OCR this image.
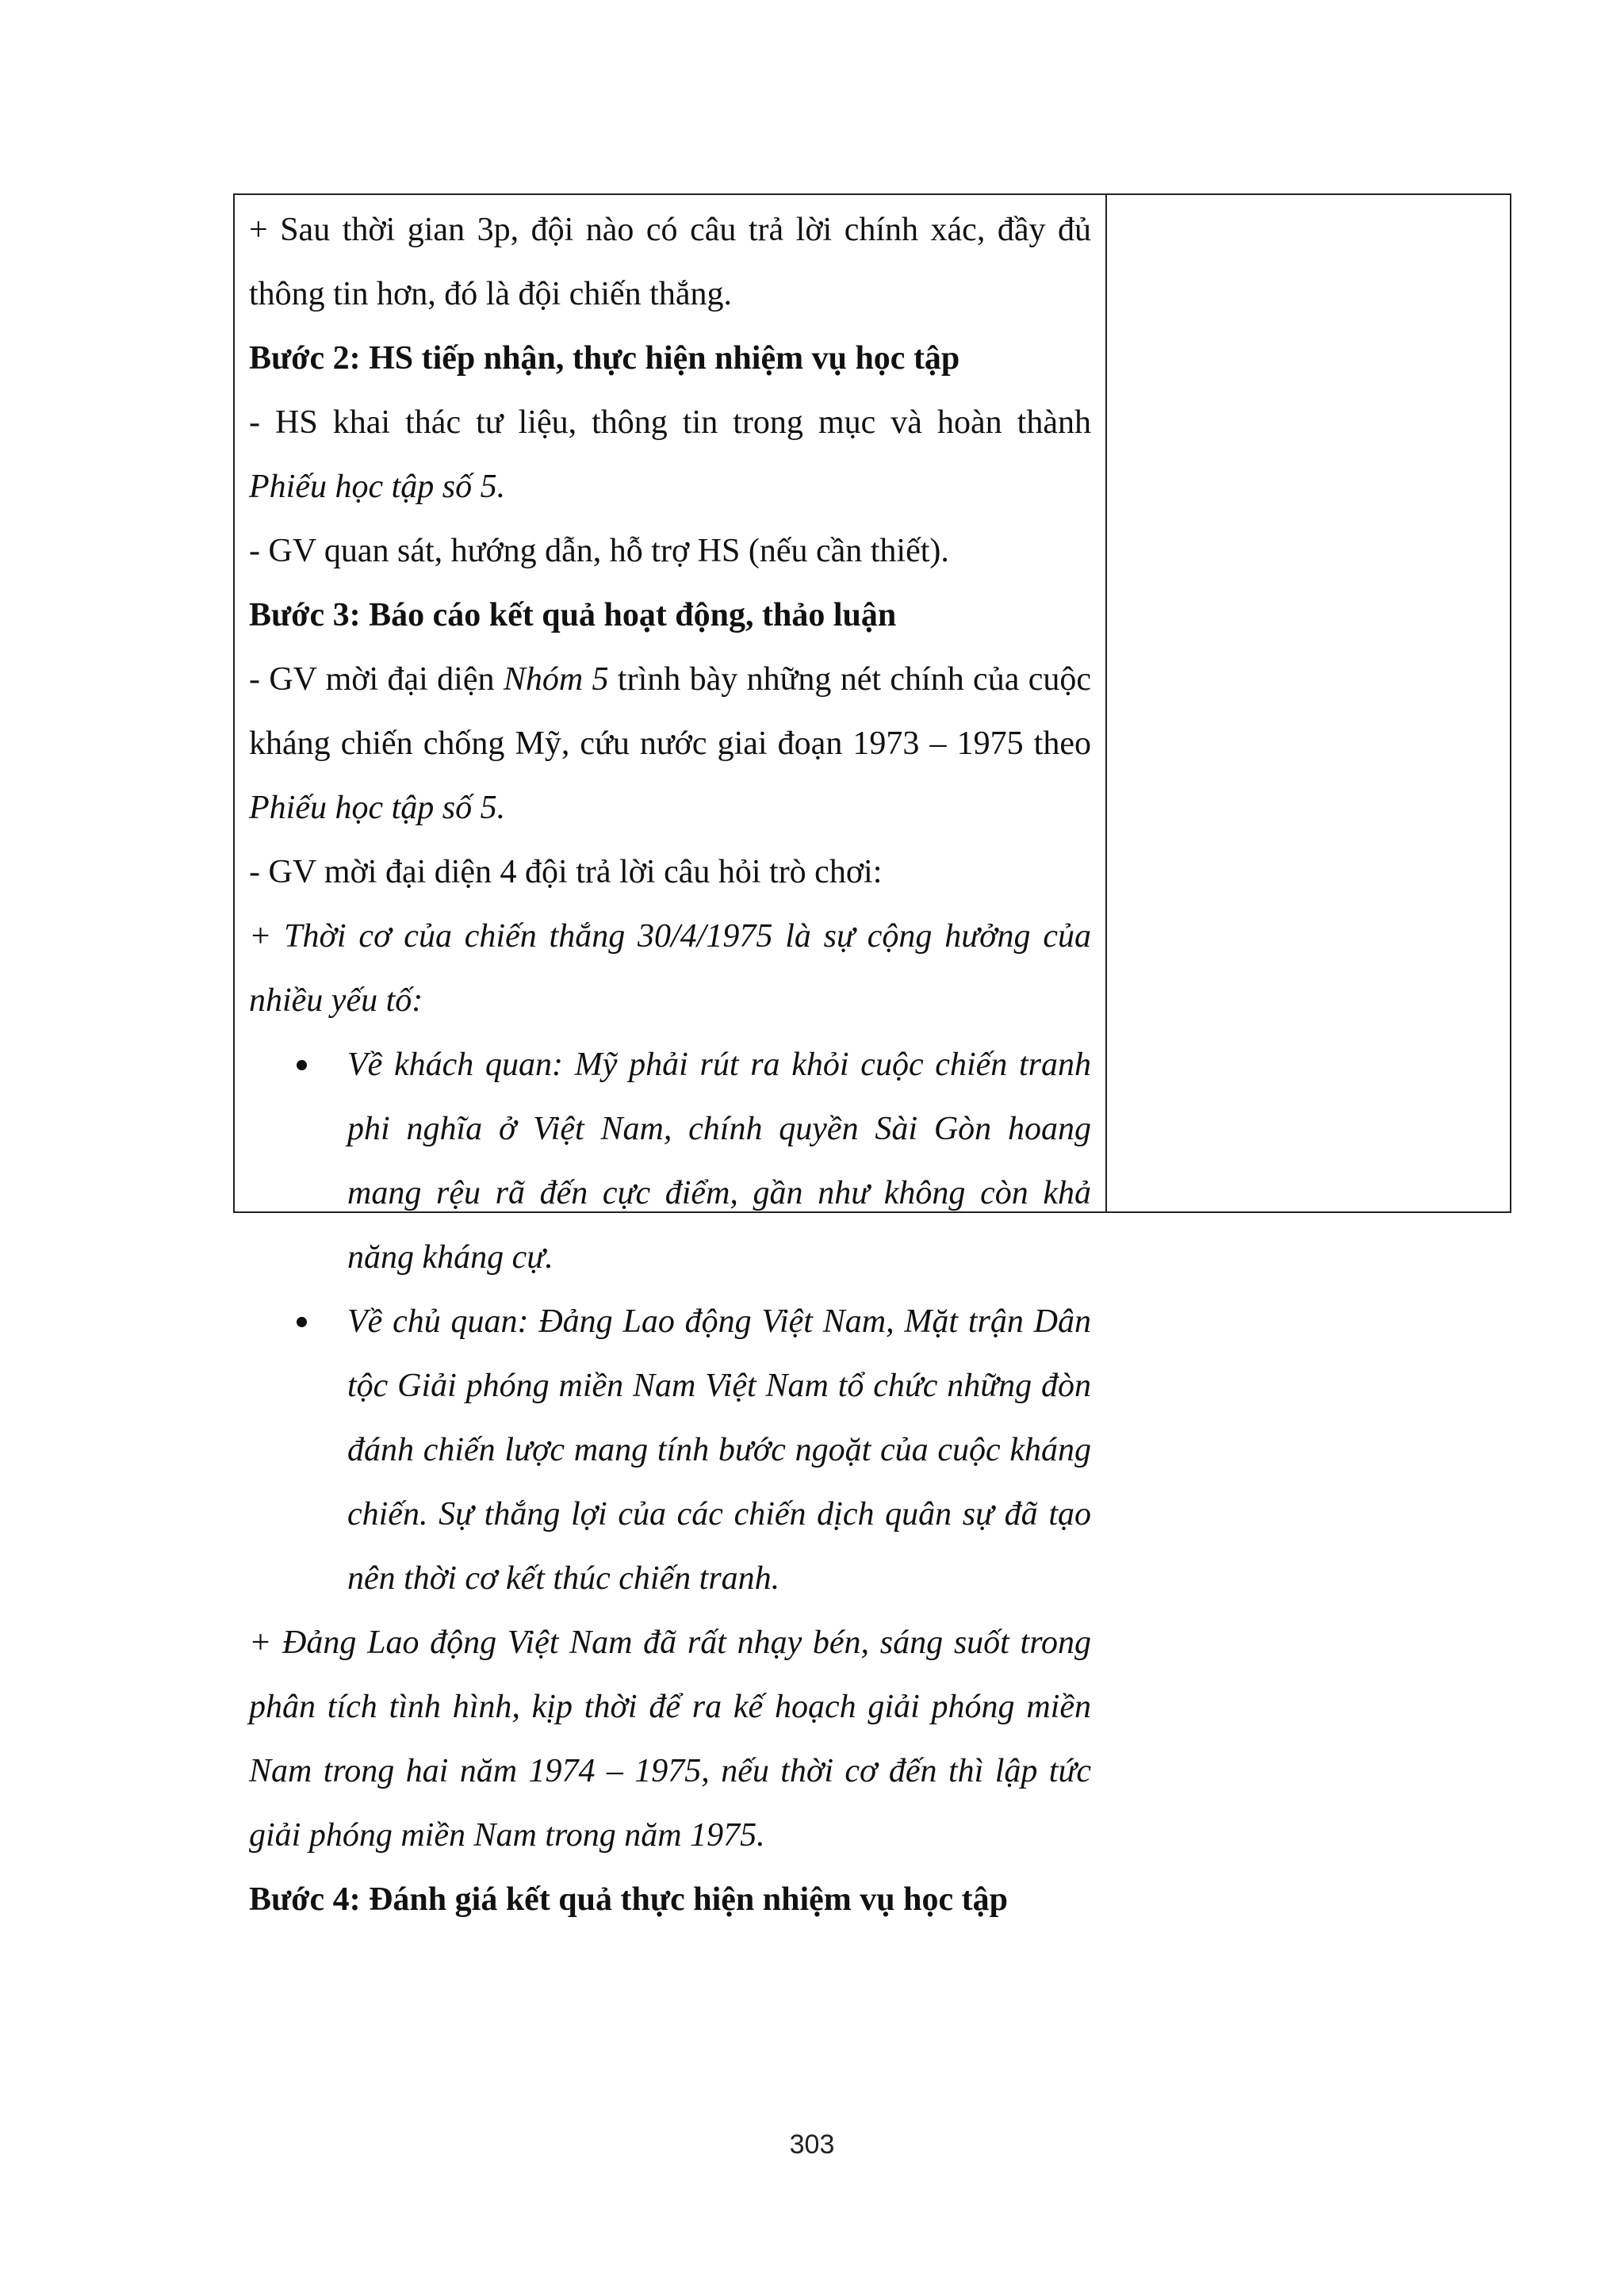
+ Sau thời gian 3p, đội nào có câu trả lời chính xác, đầy đủ thông tin hơn, đó là đội chiến thắng.

Bước 2: HS tiếp nhận, thực hiện nhiệm vụ học tập

- HS khai thác tư liệu, thông tin trong mục và hoàn thành Phiếu học tập số 5.

- GV quan sát, hướng dẫn, hỗ trợ HS (nếu cần thiết).

Bước 3: Báo cáo kết quả hoạt động, thảo luận

- GV mời đại diện Nhóm 5 trình bày những nét chính của cuộc kháng chiến chống Mỹ, cứu nước giai đoạn 1973 – 1975 theo Phiếu học tập số 5.

- GV mời đại diện 4 đội trả lời câu hỏi trò chơi:

+ Thời cơ của chiến thắng 30/4/1975 là sự cộng hưởng của nhiều yếu tố:

Về khách quan: Mỹ phải rút ra khỏi cuộc chiến tranh phi nghĩa ở Việt Nam, chính quyền Sài Gòn hoang mang rệu rã đến cực điểm, gần như không còn khả năng kháng cự.
Về chủ quan: Đảng Lao động Việt Nam, Mặt trận Dân tộc Giải phóng miền Nam Việt Nam tổ chức những đòn đánh chiến lược mang tính bước ngoặt của cuộc kháng chiến. Sự thắng lợi của các chiến dịch quân sự đã tạo nên thời cơ kết thúc chiến tranh.

+ Đảng Lao động Việt Nam đã rất nhạy bén, sáng suốt trong phân tích tình hình, kịp thời để ra kế hoạch giải phóng miền Nam trong hai năm 1974 – 1975, nếu thời cơ đến thì lập tức giải phóng miền Nam trong năm 1975.

Bước 4: Đánh giá kết quả thực hiện nhiệm vụ học tập

303
